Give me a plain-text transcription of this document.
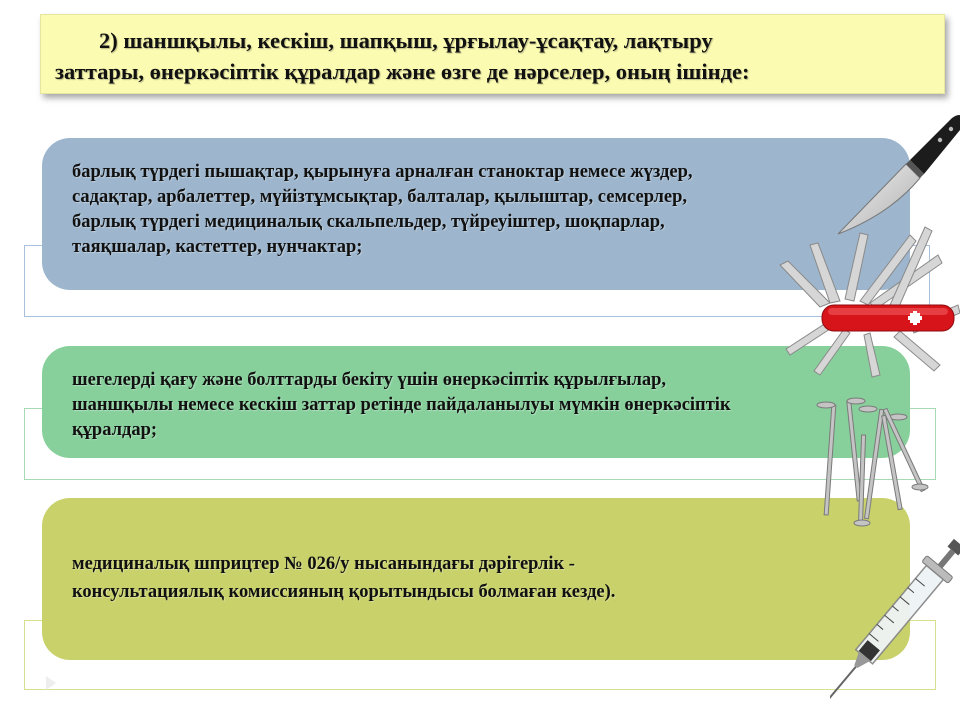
2) шаншқылы, кескіш, шапқыш, ұрғылау-ұсақтау, лақтыру
заттары, өнеркәсіптік құралдар және өзге де нәрселер, оның ішінде:
барлық түрдегі пышақтар, қырынуға арналған станоктар немесе жүздер,
садақтар, арбалеттер, мүйізтұмсықтар, балталар, қылыштар, семсерлер,
барлық түрдегі медициналық скальпельдер, түйреуіштер, шоқпарлар,
таяқшалар, кастеттер, нунчактар;
шегелерді қағу және болттарды бекіту үшін өнеркәсіптік құрылғылар,
шаншқылы немесе кескіш заттар ретінде пайдаланылуы мүмкін өнеркәсіптік
құралдар;
медициналық шприцтер № 026/у нысанындағы дәрігерлік -
консультациялық комиссияның қорытындысы болмаған кезде).
